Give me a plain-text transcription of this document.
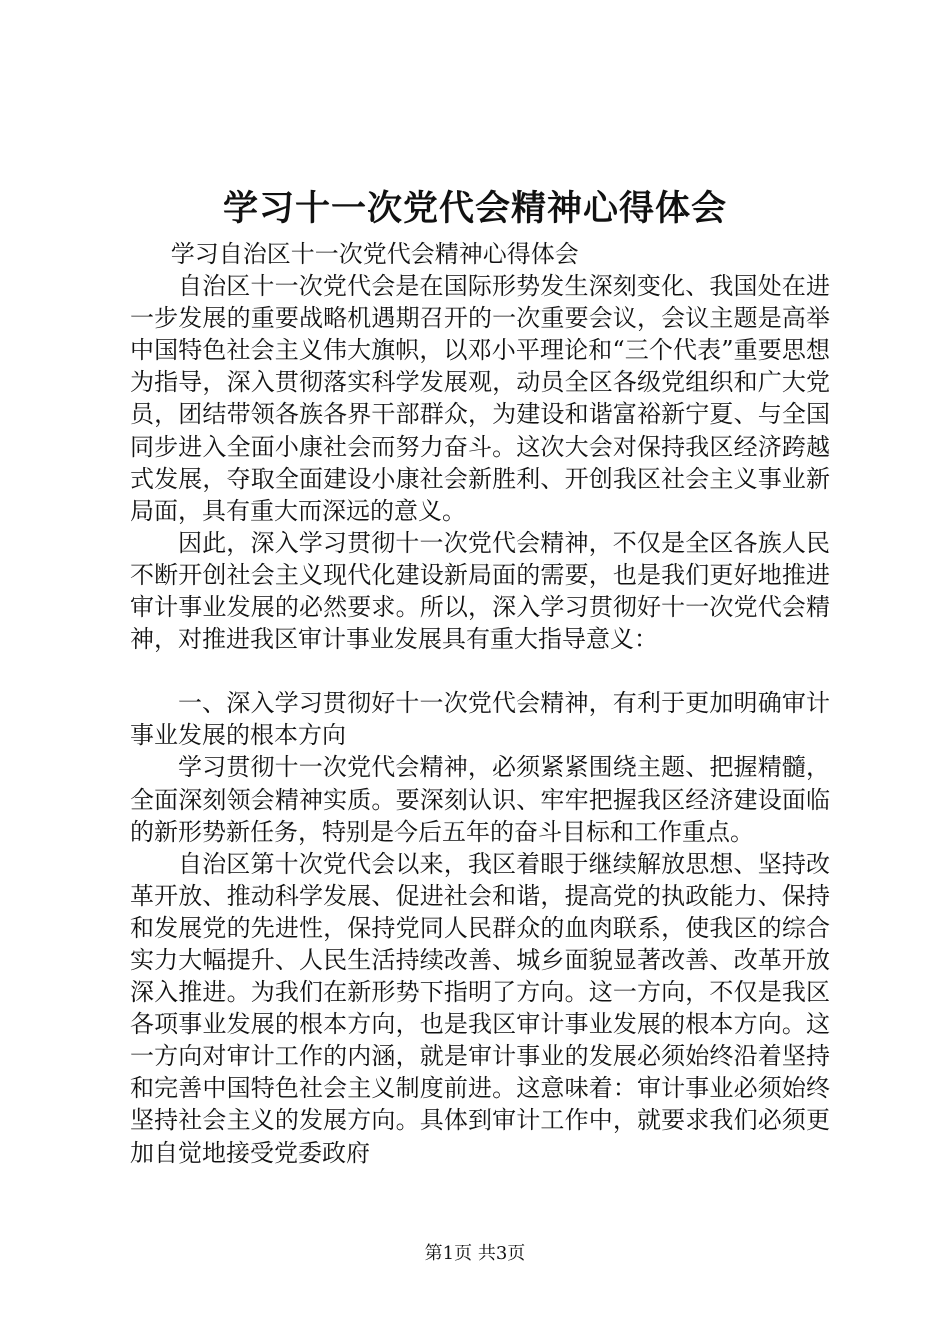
学习十一次党代会精神心得体会

学习自治区十一次党代会精神心得体会

自治区十一次党代会是在国际形势发生深刻变化、我国处在进一步发展的重要战略机遇期召开的一次重要会议，会议主题是高举中国特色社会主义伟大旗帜，以邓小平理论和“三个代表”重要思想为指导，深入贯彻落实科学发展观，动员全区各级党组织和广大党员，团结带领各族各界干部群众，为建设和谐富裕新宁夏、与全国同步进入全面小康社会而努力奋斗。这次大会对保持我区经济跨越式发展，夺取全面建设小康社会新胜利、开创我区社会主义事业新局面，具有重大而深远的意义。

因此，深入学习贯彻十一次党代会精神，不仅是全区各族人民不断开创社会主义现代化建设新局面的需要，也是我们更好地推进审计事业发展的必然要求。所以，深入学习贯彻好十一次党代会精神，对推进我区审计事业发展具有重大指导意义：

一、深入学习贯彻好十一次党代会精神，有利于更加明确审计事业发展的根本方向

学习贯彻十一次党代会精神，必须紧紧围绕主题、把握精髓，全面深刻领会精神实质。要深刻认识、牢牢把握我区经济建设面临的新形势新任务，特别是今后五年的奋斗目标和工作重点。

自治区第十次党代会以来，我区着眼于继续解放思想、坚持改革开放、推动科学发展、促进社会和谐，提高党的执政能力、保持和发展党的先进性，保持党同人民群众的血肉联系，使我区的综合实力大幅提升、人民生活持续改善、城乡面貌显著改善、改革开放深入推进。为我们在新形势下指明了方向。这一方向，不仅是我区各项事业发展的根本方向，也是我区审计事业发展的根本方向。这一方向对审计工作的内涵，就是审计事业的发展必须始终沿着坚持和完善中国特色社会主义制度前进。这意味着：审计事业必须始终坚持社会主义的发展方向。具体到审计工作中，就要求我们必须更加自觉地接受党委政府

第1页 共3页
